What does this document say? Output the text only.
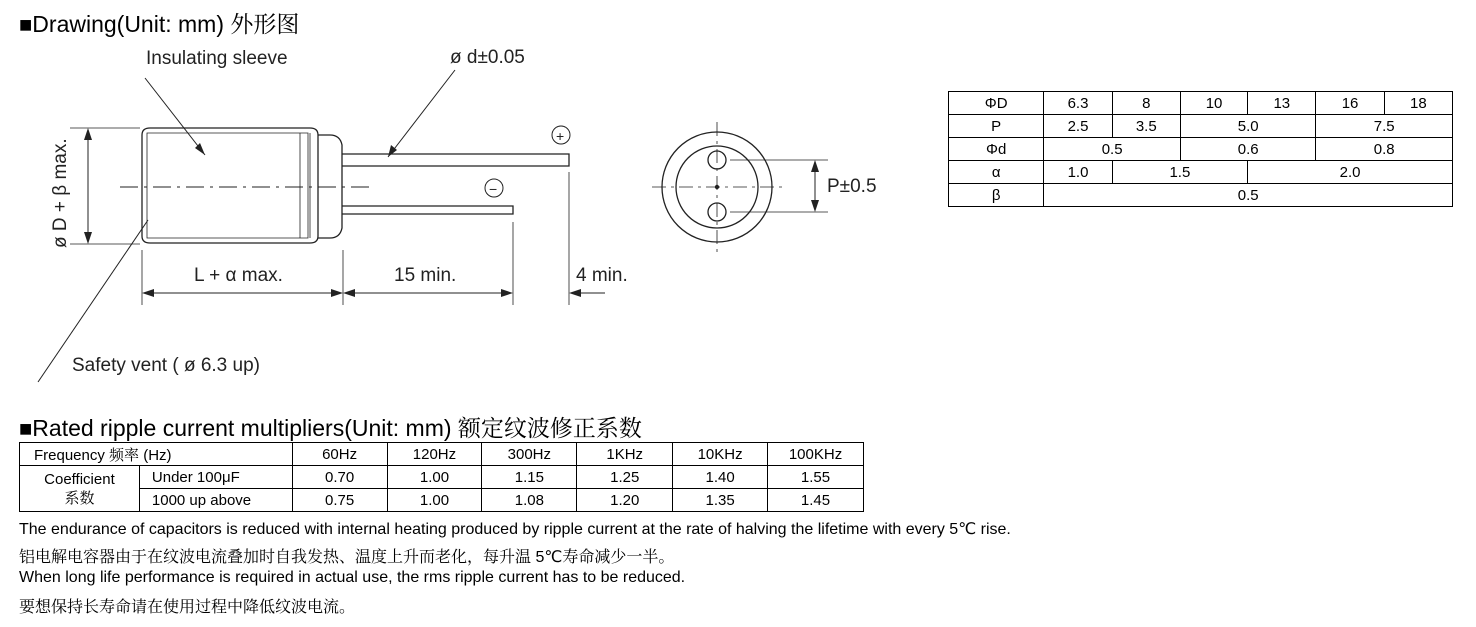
■Drawing(Unit: mm) 外形图
Insulating sleeve	ø d±0.05
L + α max.	15 min.	4 min.
Safety vent ( ø 6.3 up)
P±0.5
ø D + β max.
+
−
ΦD	6.3	8	10	13	16	18
P	2.5	3.5	5.0		7.5	
Φd	0.5		0.6		0.8	
α	1.0	1.5		2.0		
β	0.5					
■Rated ripple current multipliers(Unit: mm) 额定纹波修正系数
Frequency 频率 (Hz)		60Hz	120Hz	300Hz	1KHz	10KHz	100KHz

Coefficient
系数	Under 100μF	0.70	1.00	1.15	1.25	1.40	1.55
	1000 up above	0.75	1.00	1.08	1.20	1.35	1.45
The endurance of capacitors is reduced with internal heating produced by ripple current at the rate of halving the lifetime with every 5℃ rise.
铝电解电容器由于在纹波电流叠加时自我发热、温度上升而老化，每升温 5℃寿命减少一半。
When long life performance is required in actual use, the rms ripple current has to be reduced.
要想保持长寿命请在使用过程中降低纹波电流。
